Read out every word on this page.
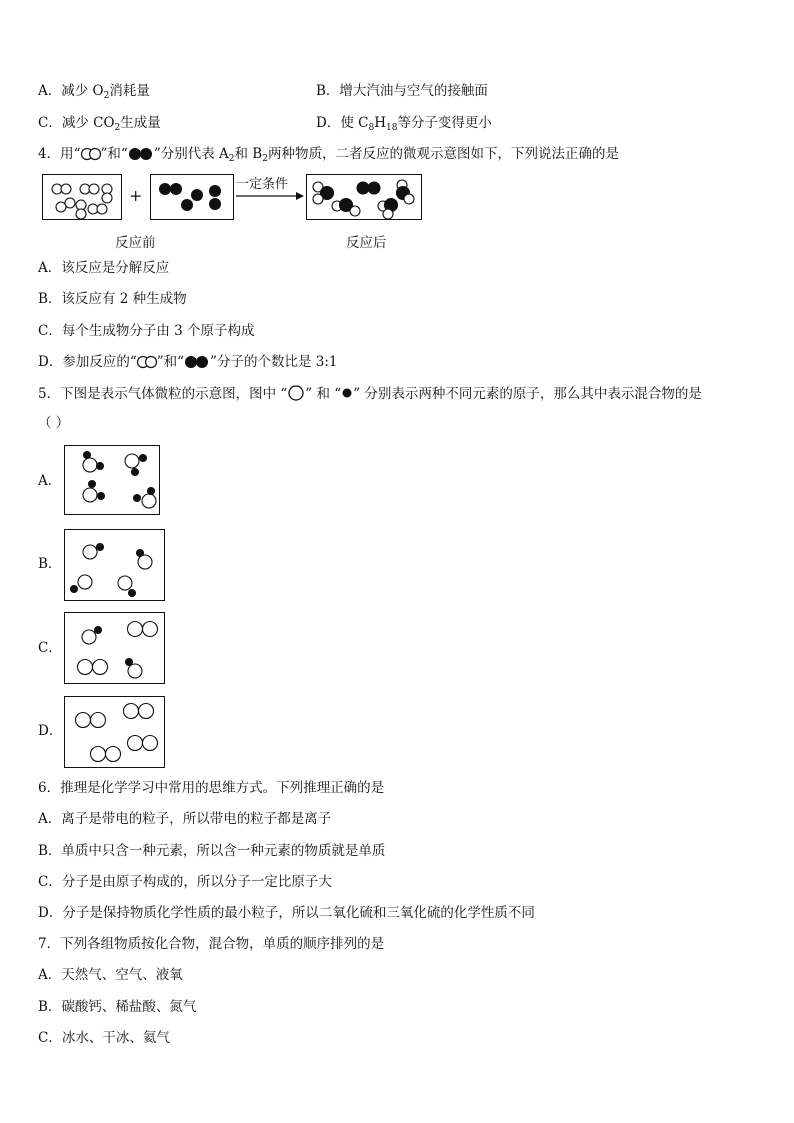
A．减少 $O_2$消耗量	B．增大汽油与空气的接触面
C．减少 $CO_2$生成量	D．使 $C_8H_{18}$等分子变得更小
4．用“ ”和“ ”分别代表 $A_2$和 $B_2$两种物质，二者反应的微观示意图如下，下列说法正确的是
+
一定条件
反应前	反应后
A．该反应是分解反应
B．该反应有 2 种生成物
C．每个生成物分子由 3 个原子构成
D．参加反应的“ ”和“ ”分子的个数比是 3:1
5．下图是表示气体微粒的示意图，图中 “ ” 和 “ ” 分别表示两种不同元素的原子，那么其中表示混合物的是
（ ）
A．
B．
C．
D．
6．推理是化学学习中常用的思维方式。下列推理正确的是
A．离子是带电的粒子，所以带电的粒子都是离子
B．单质中只含一种元素，所以含一种元素的物质就是单质
C．分子是由原子构成的，所以分子一定比原子大
D．分子是保持物质化学性质的最小粒子，所以二氧化硫和三氧化硫的化学性质不同
7．下列各组物质按化合物，混合物，单质的顺序排列的是
A．天然气、空气、液氧
B．碳酸钙、稀盐酸、氮气
C．冰水、干冰、氦气
